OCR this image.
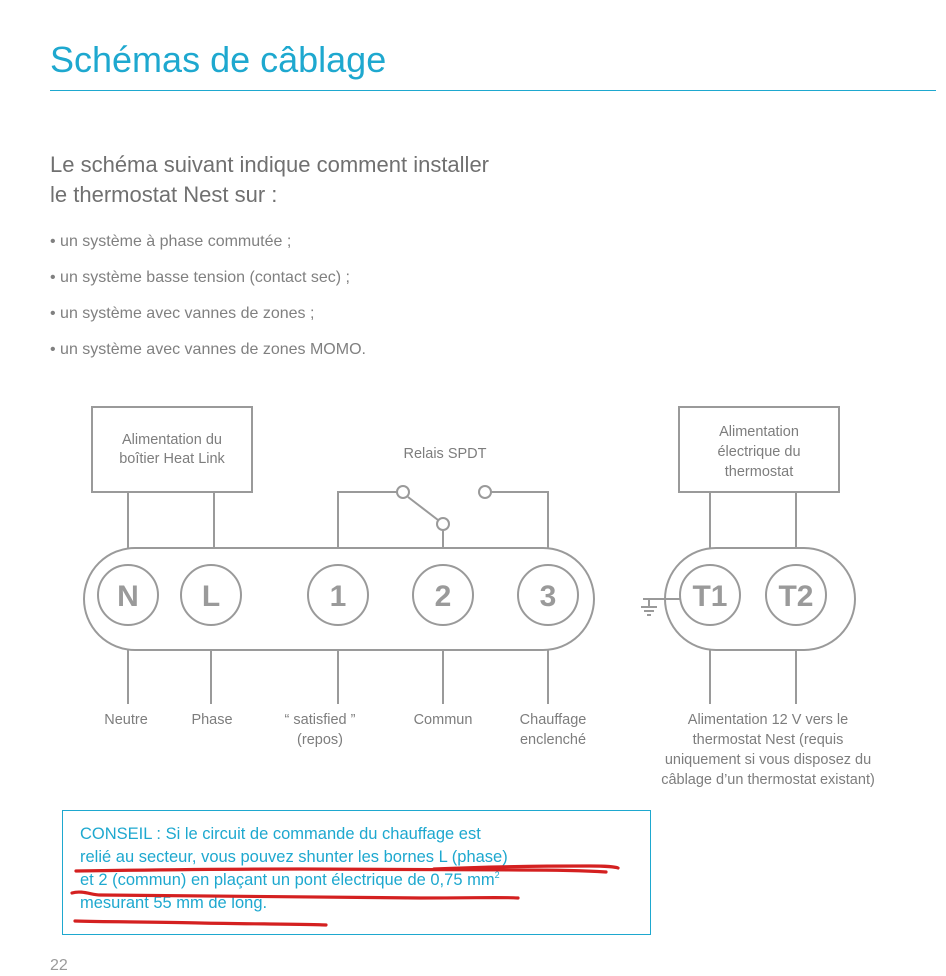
Schémas de câblage

Le schéma suivant indique comment installer
le thermostat Nest sur :

• un système à phase commutée ;
• un système basse tension (contact sec) ;
• un système avec vannes de zones ;
• un système avec vannes de zones MOMO.
Alimentation du
boîtier Heat Link	Relais SPDT
Alimentation
électrique du
thermostat
N L	1	2	3	T1 T2
Neutre	Phase	“ satisfied ”
(repos)
Commun	Chauffage
enclenché
Alimentation 12 V vers le
thermostat Nest (requis
uniquement si vous disposez du
câblage d’un thermostat existant)

CONSEIL : Si le circuit de commande du chauffage est
relié au secteur, vous pouvez shunter les bornes L (phase)
et 2 (commun) en plaçant un pont électrique de 0,75 $mm^2$
mesurant 55 mm de long.

22
